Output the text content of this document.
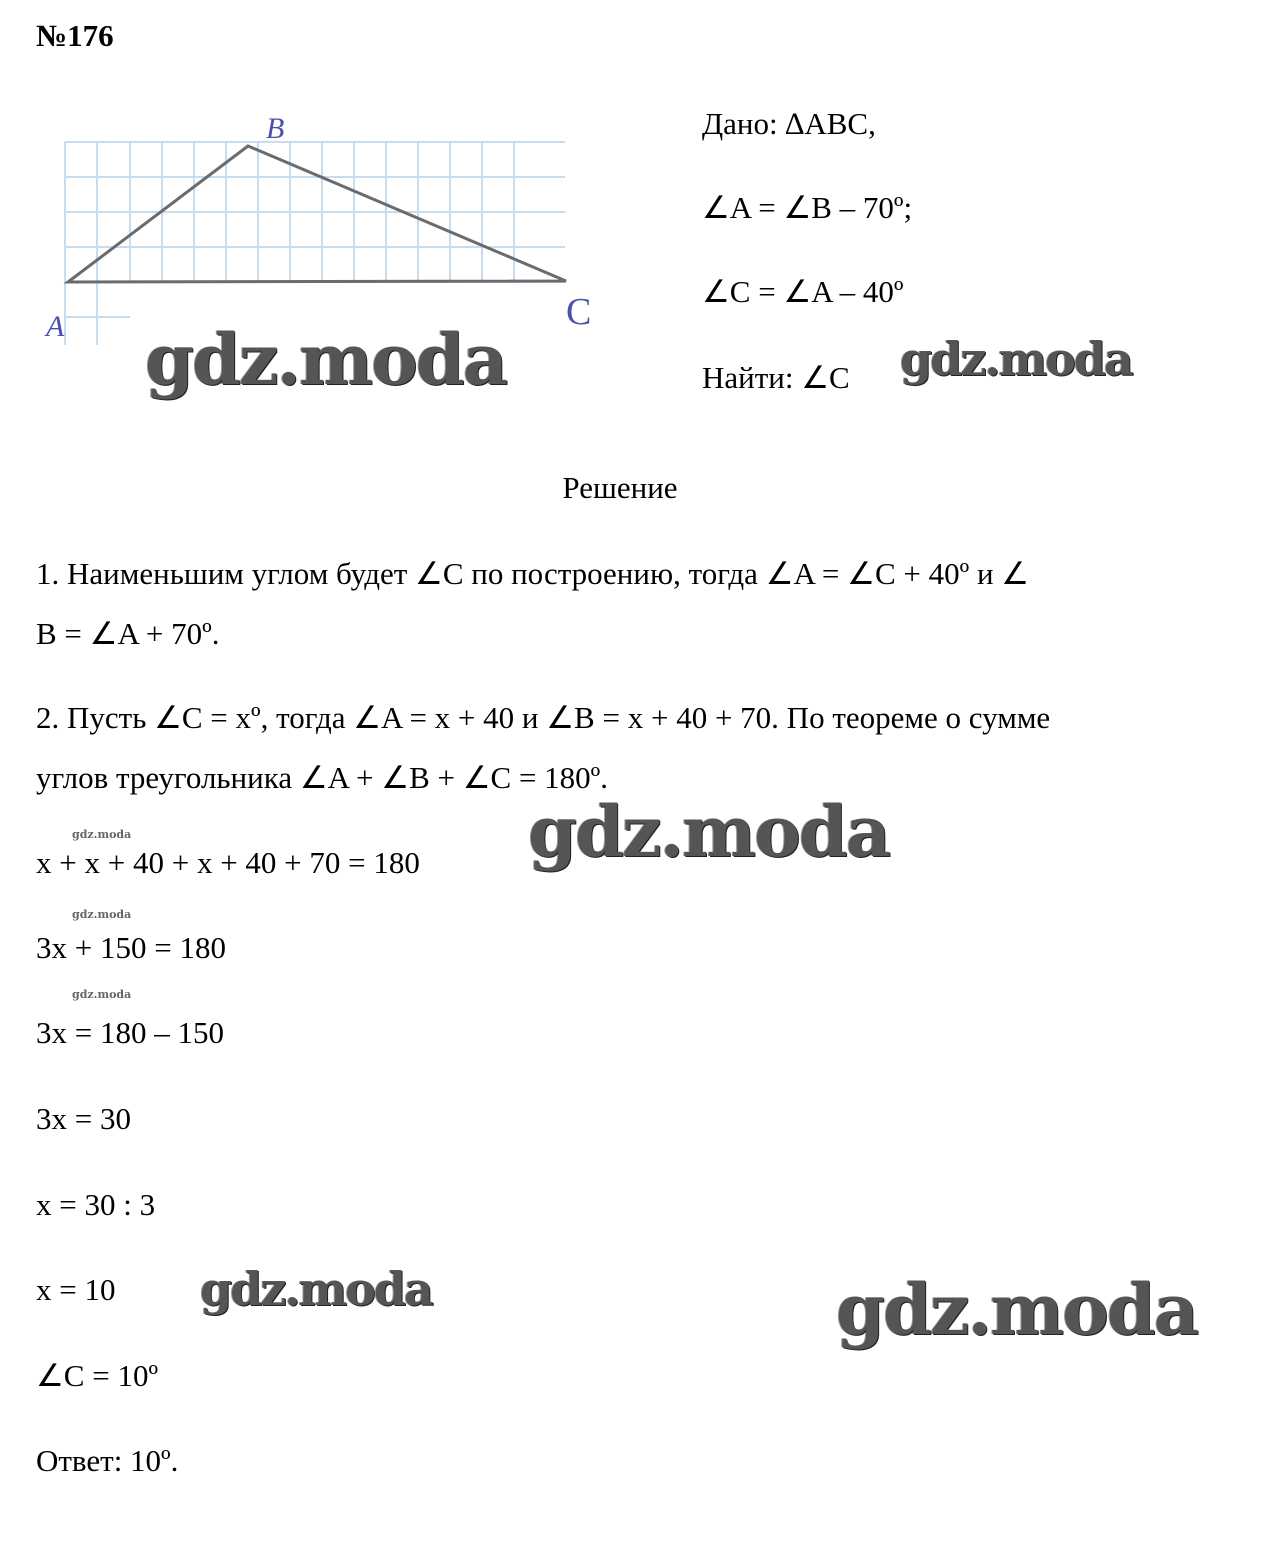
№176
A
B
C
gdz.moda
Дано: ∆ABC,
∠A = ∠B – 70º;
∠C = ∠A – 40º
Найти: ∠C gdz.moda
Решение
1. Наименьшим углом будет ∠C по построению, тогда ∠A = ∠C + 40º и ∠
B = ∠A + 70º.
2. Пусть ∠C = xº, тогда ∠A = x + 40 и ∠B = x + 40 + 70. По теореме о сумме
углов треугольника ∠A + ∠B + ∠C = 180º.
gdz.moda
gdz.moda
x + x + 40 + x + 40 + 70 = 180
gdz.moda
3x + 150 = 180
gdz.moda
3x = 180 – 150
3x = 30
x = 30 : 3
x = 10 gdz.moda	gdz.moda
∠C = 10º
Ответ: 10º.
